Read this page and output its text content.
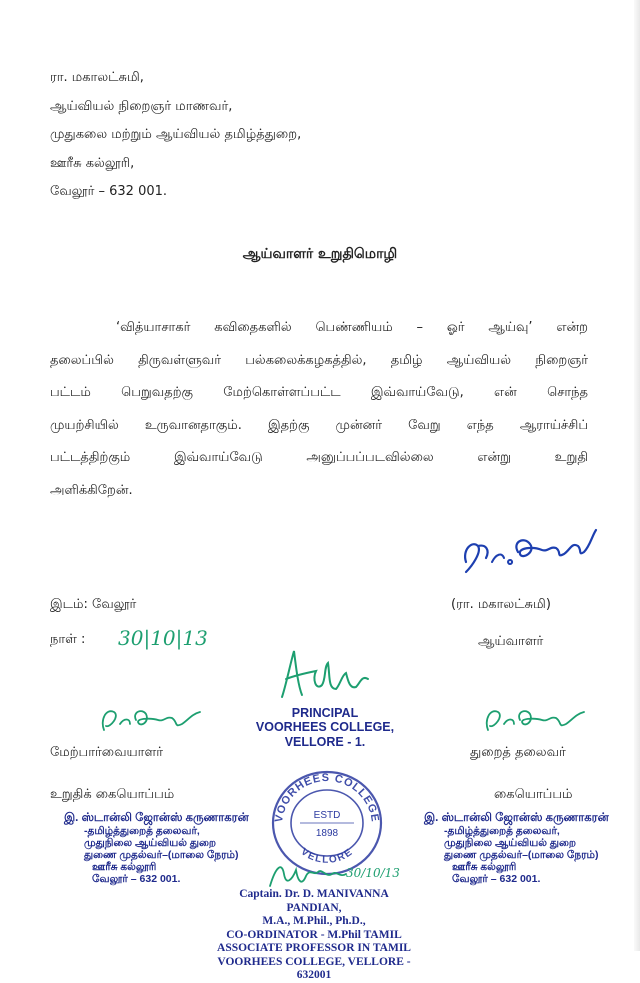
ரா. மகாலட்சுமி,
ஆய்வியல் நிறைஞர் மாணவர்,
முதுகலை மற்றும் ஆய்வியல் தமிழ்த்துறை,
ஊரீசு கல்லூரி,
வேலூர் – 632 001.
ஆய்வாளர் உறுதிமொழி
‘வித்யாசாகர் கவிதைகளில் பெண்ணியம் – ஓர் ஆய்வு’ என்ற
தலைப்பில் திருவள்ளுவர் பல்கலைக்கழகத்தில், தமிழ் ஆய்வியல் நிறைஞர்
பட்டம் பெறுவதற்கு மேற்கொள்ளப்பட்ட இவ்வாய்வேடு, என் சொந்த
முயற்சியில் உருவானதாகும். இதற்கு முன்னர் வேறு எந்த ஆராய்ச்சிப்
பட்டத்திற்கும் இவ்வாய்வேடு அனுப்பப்படவில்லை என்று உறுதி
அளிக்கிறேன்.
இடம்: வேலூர்	(ரா. மகாலட்சுமி)
நாள் : 30|10|13	ஆய்வாளர்
PRINCIPAL
VOORHEES COLLEGE,
VELLORE - 1.
மேற்பார்வையாளர்	துறைத் தலைவர்
உறுதிக் கையொப்பம்	கையொப்பம்
இ. ஸ்டான்லி ஜோன்ஸ் கருணாகரன்
-தமிழ்த்துறைத் தலைவர்,
முதுநிலை ஆய்வியல் துறை
துணை முதல்வர்–(மாலை நேரம்)
ஊரீசு கல்லூரி
வேலூர் – 632 001.
இ. ஸ்டான்லி ஜோன்ஸ் கருணாகரன்
-தமிழ்த்துறைத் தலைவர்,
முதுநிலை ஆய்வியல் துறை
துணை முதல்வர்–(மாலை நேரம்)
ஊரீசு கல்லூரி
வேலூர் – 632 001.
VOORHEES COLLEGE
VELLORE
ESTD
1898
30/10/13
Captain. Dr. D. MANIVANNA PANDIAN,
M.A., M.Phil., Ph.D.,
CO-ORDINATOR - M.Phil TAMIL
ASSOCIATE PROFESSOR IN TAMIL
VOORHEES COLLEGE, VELLORE - 632001
